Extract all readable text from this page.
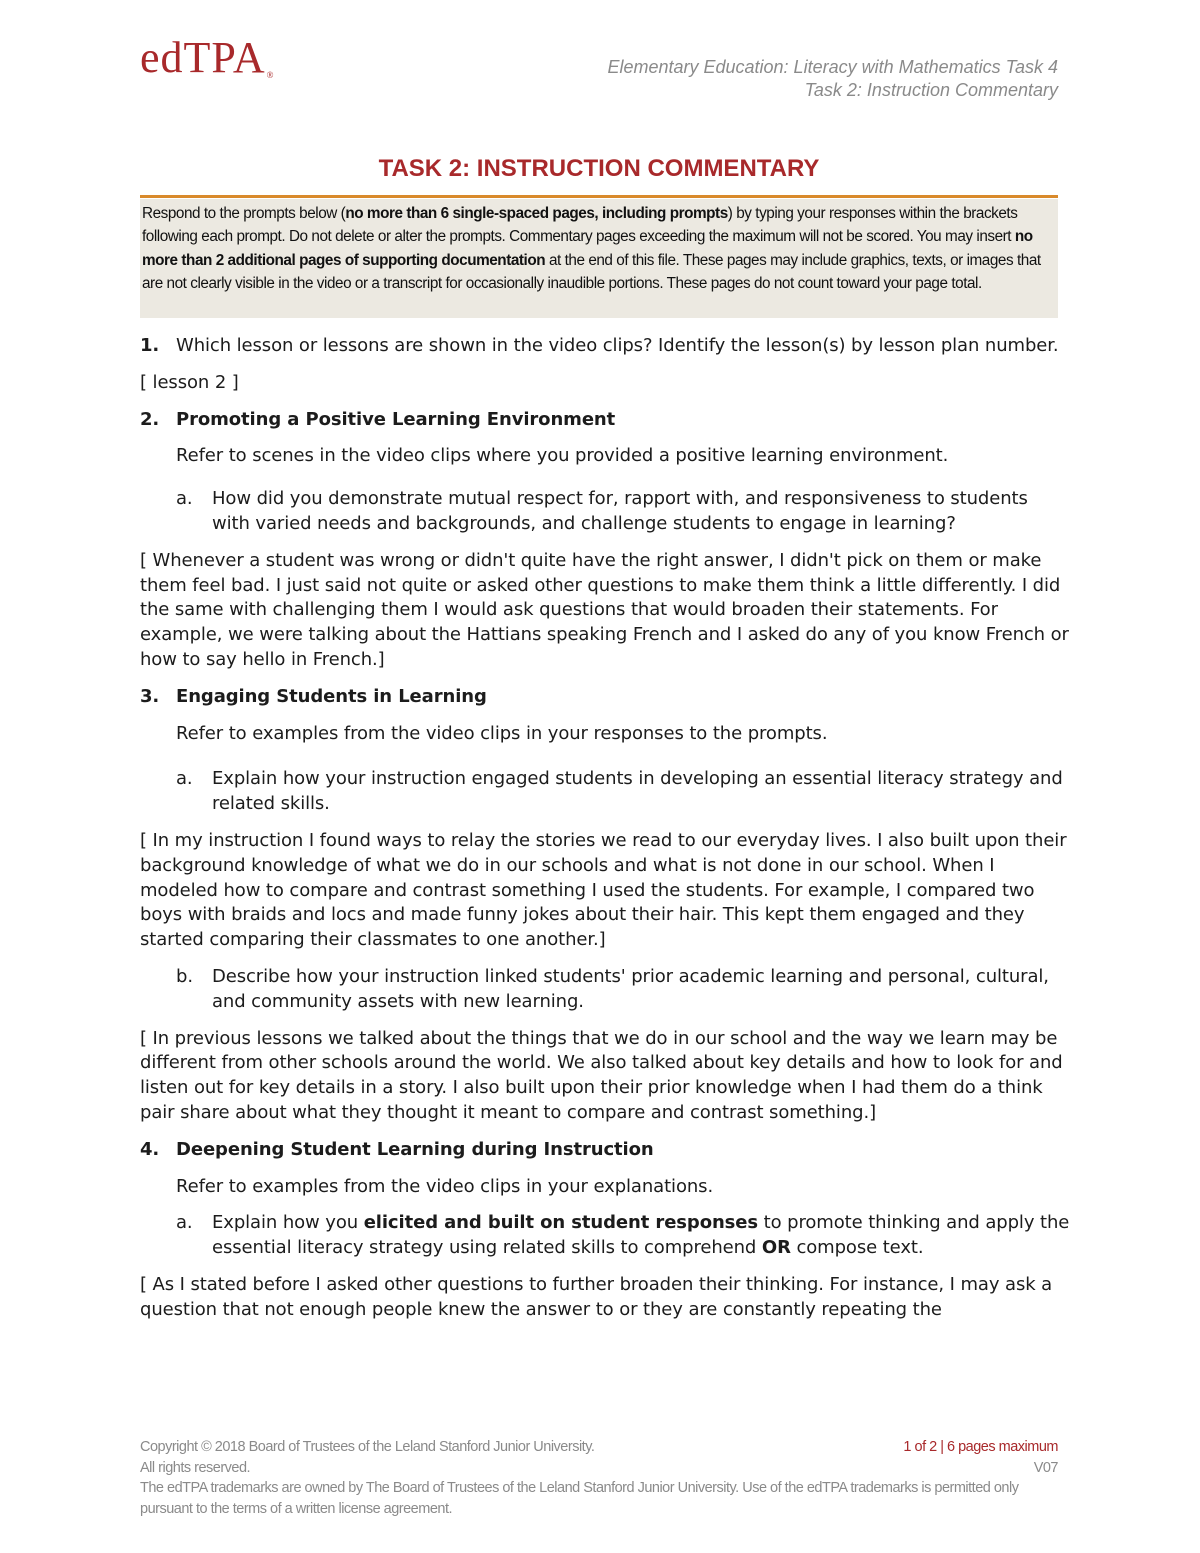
edTPA®	Elementary Education: Literacy with Mathematics Task 4
Task 2: Instruction Commentary
TASK 2: INSTRUCTION COMMENTARY
Respond to the prompts below (no more than 6 single-spaced pages, including prompts) by typing your responses within the brackets following each prompt. Do not delete or alter the prompts. Commentary pages exceeding the maximum will not be scored. You may insert no more than 2 additional pages of supporting documentation at the end of this file. These pages may include graphics, texts, or images that are not clearly visible in the video or a transcript for occasionally inaudible portions. These pages do not count toward your page total.
1. Which lesson or lessons are shown in the video clips? Identify the lesson(s) by lesson plan number.

[ lesson 2 ]

2. Promoting a Positive Learning Environment

Refer to scenes in the video clips where you provided a positive learning environment.

a.	How did you demonstrate mutual respect for, rapport with, and responsiveness to students with varied needs and backgrounds, and challenge students to engage in learning?

[ Whenever a student was wrong or didn't quite have the right answer, I didn't pick on them or make them feel bad. I just said not quite or asked other questions to make them think a little differently. I did the same with challenging them I would ask questions that would broaden their statements. For example, we were talking about the Hattians speaking French and I asked do any of you know French or how to say hello in French.]

3. Engaging Students in Learning

Refer to examples from the video clips in your responses to the prompts.

a.	Explain how your instruction engaged students in developing an essential literacy strategy and related skills.

[ In my instruction I found ways to relay the stories we read to our everyday lives. I also built upon their background knowledge of what we do in our schools and what is not done in our school. When I modeled how to compare and contrast something I used the students. For example, I compared two boys with braids and locs and made funny jokes about their hair. This kept them engaged and they started comparing their classmates to one another.]

b.	Describe how your instruction linked students' prior academic learning and personal, cultural, and community assets with new learning.

[ In previous lessons we talked about the things that we do in our school and the way we learn may be different from other schools around the world. We also talked about key details and how to look for and listen out for key details in a story. I also built upon their prior knowledge when I had them do a think pair share about what they thought it meant to compare and contrast something.]

4. Deepening Student Learning during Instruction

Refer to examples from the video clips in your explanations.

a.	Explain how you elicited and built on student responses to promote thinking and apply the essential literacy strategy using related skills to comprehend OR compose text.

[ As I stated before I asked other questions to further broaden their thinking. For instance, I may ask a question that not enough people knew the answer to or they are constantly repeating the

Copyright © 2018 Board of Trustees of the Leland Stanford Junior University.
All rights reserved.
The edTPA trademarks are owned by The Board of Trustees of the Leland Stanford Junior University. Use of the edTPA trademarks is permitted only pursuant to the terms of a written license agreement.
1 of 2 | 6 pages maximum
V07
